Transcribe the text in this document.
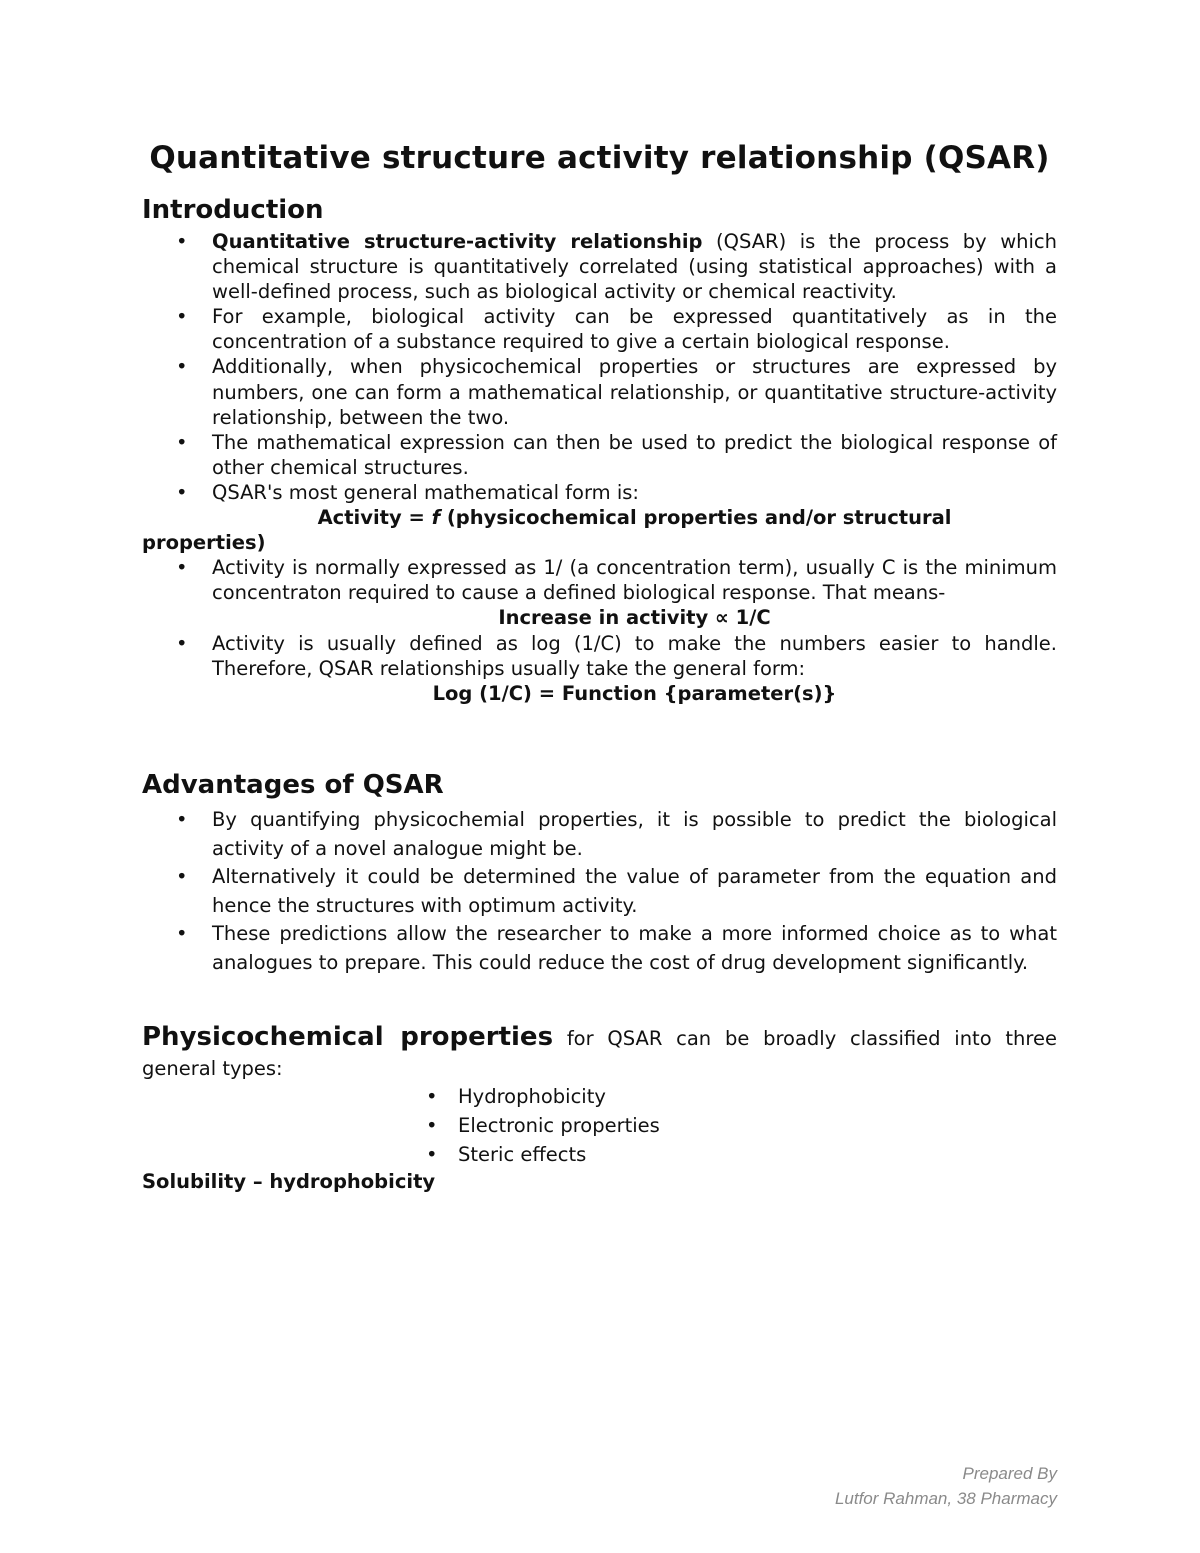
Quantitative structure activity relationship (QSAR)
Introduction
• Quantitative structure-activity relationship (QSAR) is the process by which chemical structure is quantitatively correlated (using statistical approaches) with a well-defined process, such as biological activity or chemical reactivity.
• For example, biological activity can be expressed quantitatively as in the concentration of a substance required to give a certain biological response.
• Additionally, when physicochemical properties or structures are expressed by numbers, one can form a mathematical relationship, or quantitative structure-activity relationship, between the two.
• The mathematical expression can then be used to predict the biological response of other chemical structures.
• QSAR's most general mathematical form is:
Activity = f (physicochemical properties and/or structural
properties)
• Activity is normally expressed as 1/ (a concentration term), usually C is the minimum concentraton required to cause a defined biological response. That means-
Increase in activity ∝ 1/C
• Activity is usually defined as log (1/C) to make the numbers easier to handle. Therefore, QSAR relationships usually take the general form:
Log (1/C) = Function {parameter(s)}
Advantages of QSAR
• By quantifying physicochemial properties, it is possible to predict the biological activity of a novel analogue might be.
• Alternatively it could be determined the value of parameter from the equation and hence the structures with optimum activity.
• These predictions allow the researcher to make a more informed choice as to what analogues to prepare. This could reduce the cost of drug development significantly.

Physicochemical properties for QSAR can be broadly classified into three general types:

• Hydrophobicity
• Electronic properties
• Steric effects
Solubility – hydrophobicity
Prepared By
Lutfor Rahman, 38 Pharmacy
